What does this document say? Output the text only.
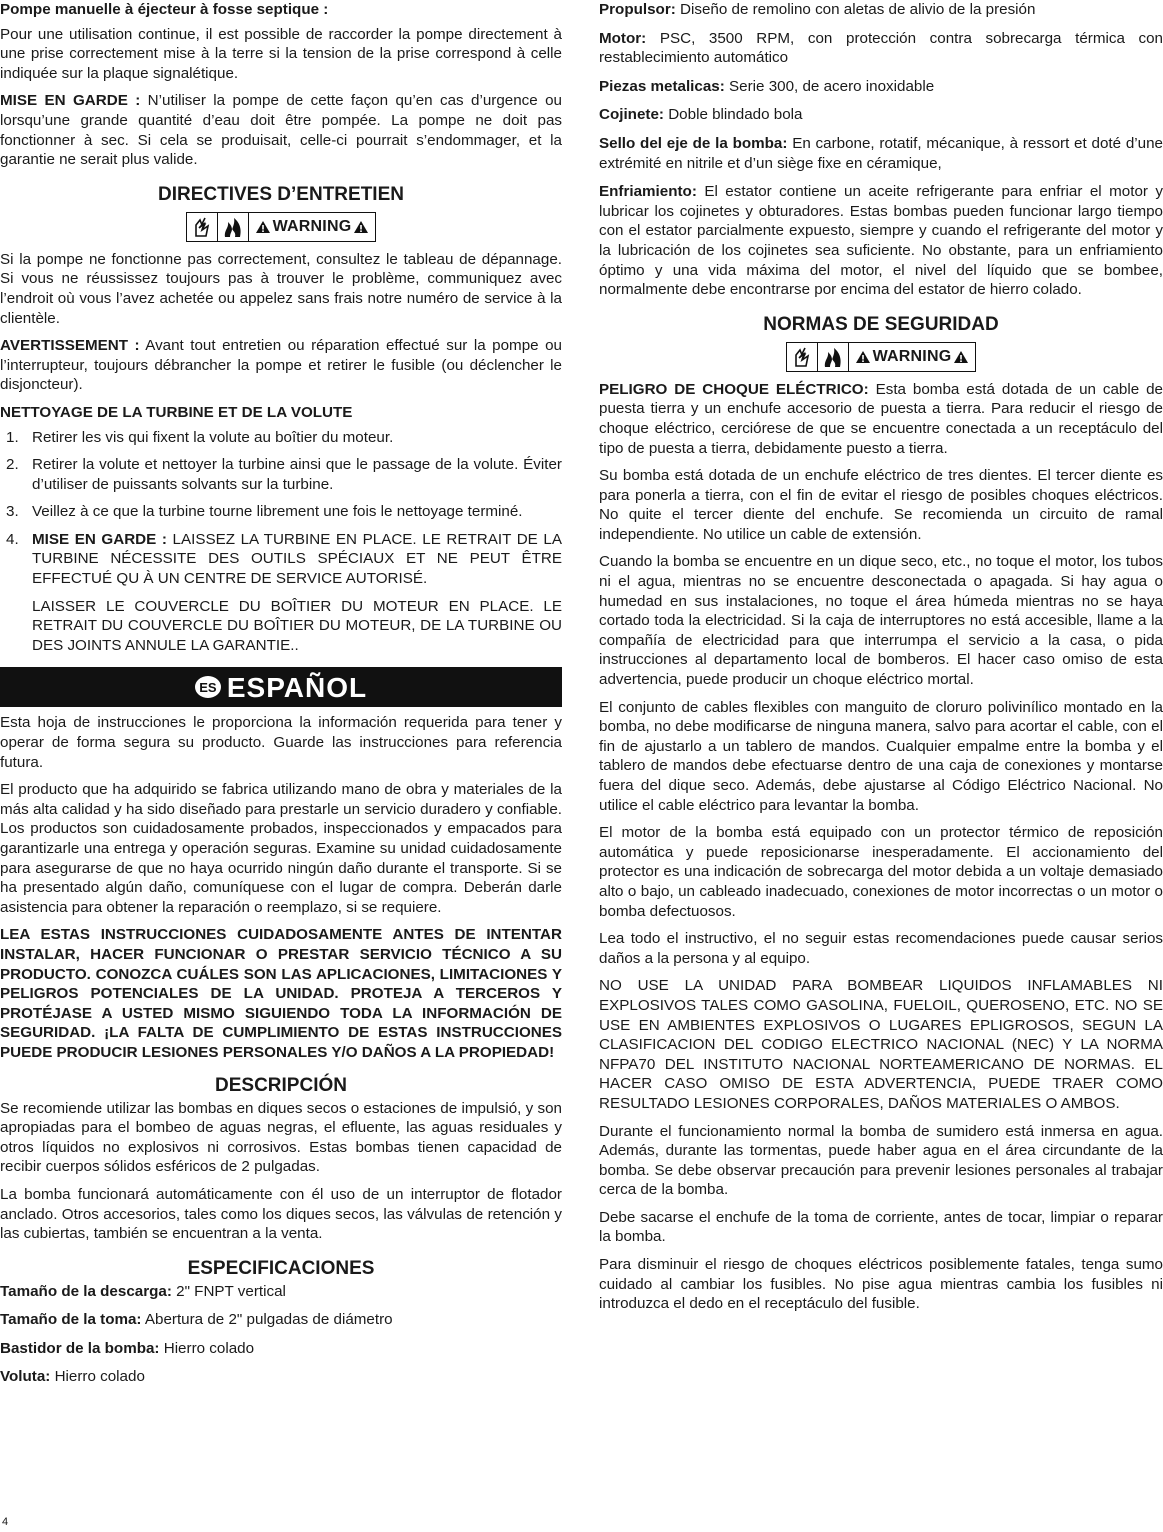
Pompe manuelle à éjecteur à fosse septique :

Pour une utilisation continue, il est possible de raccorder la pompe directement à une prise correctement mise à la terre si la tension de la prise correspond à celle indiquée sur la plaque signalétique.

MISE EN GARDE : N’utiliser la pompe de cette façon qu’en cas d’urgence ou lorsqu’une grande quantité d’eau doit être pompée. La pompe ne doit pas fonctionner à sec. Si cela se produisait, celle-ci pourrait s’endommager, et la garantie ne serait plus valide.

DIRECTIVES D’ENTRETIEN
WARNING

Si la pompe ne fonctionne pas correctement, consultez le tableau de dépannage. Si vous ne réussissez toujours pas à trouver le problème, communiquez avec l’endroit où vous l’avez achetée ou appelez sans frais notre numéro de service à la clientèle.

AVERTISSEMENT : Avant tout entretien ou réparation effectué sur la pompe ou l’interrupteur, toujours débrancher la pompe et retirer le fusible (ou déclencher le disjoncteur).

NETTOYAGE DE LA TURBINE ET DE LA VOLUTE

1. Retirer les vis qui fixent la volute au boîtier du moteur.
2. Retirer la volute et nettoyer la turbine ainsi que le passage de la volute. Éviter d’utiliser de puissants solvants sur la turbine.
3. Veillez à ce que la turbine tourne librement une fois le nettoyage terminé.
4. MISE EN GARDE : LAISSEZ LA TURBINE EN PLACE. LE RETRAIT DE LA TURBINE NÉCESSITE DES OUTILS SPÉCIAUX ET NE PEUT ÊTRE EFFECTUÉ QU À UN CENTRE DE SERVICE AUTORISÉ.
LAISSER LE COUVERCLE DU BOÎTIER DU MOTEUR EN PLACE. LE RETRAIT DU COUVERCLE DU BOÎTIER DU MOTEUR, DE LA TURBINE OU DES JOINTS ANNULE LA GARANTIE..
ES ESPAÑOL

Esta hoja de instrucciones le proporciona la información requerida para tener y operar de forma segura su producto. Guarde las instrucciones para referencia futura.

El producto que ha adquirido se fabrica utilizando mano de obra y materiales de la más alta calidad y ha sido diseñado para prestarle un servicio duradero y confiable. Los productos son cuidadosamente probados, inspeccionados y empacados para garantizarle una entrega y operación seguras. Examine su unidad cuidadosamente para asegurarse de que no haya ocurrido ningún daño durante el transporte. Si se ha presentado algún daño, comuníquese con el lugar de compra. Deberán darle asistencia para obtener la reparación o reemplazo, si se requiere.

LEA ESTAS INSTRUCCIONES CUIDADOSAMENTE ANTES DE INTENTAR INSTALAR, HACER FUNCIONAR O PRESTAR SERVICIO TÉCNICO A SU PRODUCTO. CONOZCA CUÁLES SON LAS APLICACIONES, LIMITACIONES Y PELIGROS POTENCIALES DE LA UNIDAD. PROTEJA A TERCEROS Y PROTÉJASE A USTED MISMO SIGUIENDO TODA LA INFORMACIÓN DE SEGURIDAD. ¡LA FALTA DE CUMPLIMIENTO DE ESTAS INSTRUCCIONES PUEDE PRODUCIR LESIONES PERSONALES Y/O DAÑOS A LA PROPIEDAD!
DESCRIPCIÓN

Se recomiende utilizar las bombas en diques secos o estaciones de impulsió, y son apropiadas para el bombeo de aguas negras, el efluente, las aguas residuales y otros líquidos no explosivos ni corrosivos. Estas bombas tienen capacidad de recibir cuerpos sólidos esféricos de 2 pulgadas.

La bomba funcionará automáticamente con él uso de un interruptor de flotador anclado. Otros accesorios, tales como los diques secos, las válvulas de retención y las cubiertas, también se encuentran a la venta.

ESPECIFICACIONES

Tamaño de la descarga: 2" FNPT vertical

Tamaño de la toma: Abertura de 2" pulgadas de diámetro

Bastidor de la bomba: Hierro colado

Voluta: Hierro colado

Propulsor: Diseño de remolino con aletas de alivio de la presión

Motor: PSC, 3500 RPM, con protección contra sobrecarga térmica con restablecimiento automático

Piezas metalicas: Serie 300, de acero inoxidable

Cojinete: Doble blindado bola

Sello del eje de la bomba: En carbone, rotatif, mécanique, à ressort et doté d’une extrémité en nitrile et d’un siège fixe en céramique,

Enfriamiento: El estator contiene un aceite refrigerante para enfriar el motor y lubricar los cojinetes y obturadores. Estas bombas pueden funcionar largo tiempo con el estator parcialmente expuesto, siempre y cuando el refrigerante del motor y la lubricación de los cojinetes sea suficiente. No obstante, para un enfriamiento óptimo y una vida máxima del motor, el nivel del líquido que se bombee, normalmente debe encontrarse por encima del estator de hierro colado.

NORMAS DE SEGURIDAD
WARNING

PELIGRO DE CHOQUE ELÉCTRICO: Esta bomba está dotada de un cable de puesta tierra y un enchufe accesorio de puesta a tierra. Para reducir el riesgo de choque eléctrico, cerciórese de que se encuentre conectada a un receptáculo del tipo de puesta a tierra, debidamente puesto a tierra.

Su bomba está dotada de un enchufe eléctrico de tres dientes. El tercer diente es para ponerla a tierra, con el fin de evitar el riesgo de posibles choques eléctricos. No quite el tercer diente del enchufe. Se recomienda un circuito de ramal independiente. No utilice un cable de extensión.

Cuando la bomba se encuentre en un dique seco, etc., no toque el motor, los tubos ni el agua, mientras no se encuentre desconectada o apagada. Si hay agua o humedad en sus instalaciones, no toque el área húmeda mientras no se haya cortado toda la electricidad. Si la caja de interruptores no está accesible, llame a la compañía de electricidad para que interrumpa el servicio a la casa, o pida instrucciones al departamento local de bomberos. El hacer caso omiso de esta advertencia, puede producir un choque eléctrico mortal.

El conjunto de cables flexibles con manguito de cloruro polivinílico montado en la bomba, no debe modificarse de ninguna manera, salvo para acortar el cable, con el fin de ajustarlo a un tablero de mandos. Cualquier empalme entre la bomba y el tablero de mandos debe efectuarse dentro de una caja de conexiones y montarse fuera del dique seco. Además, debe ajustarse al Código Eléctrico Nacional. No utilice el cable eléctrico para levantar la bomba.

El motor de la bomba está equipado con un protector térmico de reposición automática y puede reposicionarse inesperadamente. El accionamiento del protector es una indicación de sobrecarga del motor debida a un voltaje demasiado alto o bajo, un cableado inadecuado, conexiones de motor incorrectas o un motor o bomba defectuosos.

Lea todo el instructivo, el no seguir estas recomendaciones puede causar serios daños a la persona y al equipo.

NO USE LA UNIDAD PARA BOMBEAR LIQUIDOS INFLAMABLES NI EXPLOSIVOS TALES COMO GASOLINA, FUELOIL, QUEROSENO, ETC. NO SE USE EN AMBIENTES EXPLOSIVOS O LUGARES EPLIGROSOS, SEGUN LA CLASIFICACION DEL CODIGO ELECTRICO NACIONAL (NEC) Y LA NORMA NFPA70 DEL INSTITUTO NACIONAL NORTEAMERICANO DE NORMAS. EL HACER CASO OMISO DE ESTA ADVERTENCIA, PUEDE TRAER COMO RESULTADO LESIONES CORPORALES, DAÑOS MATERIALES O AMBOS.

Durante el funcionamiento normal la bomba de sumidero está inmersa en agua. Además, durante las tormentas, puede haber agua en el área circundante de la bomba. Se debe observar precaución para prevenir lesiones personales al trabajar cerca de la bomba.

Debe sacarse el enchufe de la toma de corriente, antes de tocar, limpiar o reparar la bomba.

Para disminuir el riesgo de choques eléctricos posiblemente fatales, tenga sumo cuidado al cambiar los fusibles. No pise agua mientras cambia los fusibles ni introduzca el dedo en el receptáculo del fusible.

4
